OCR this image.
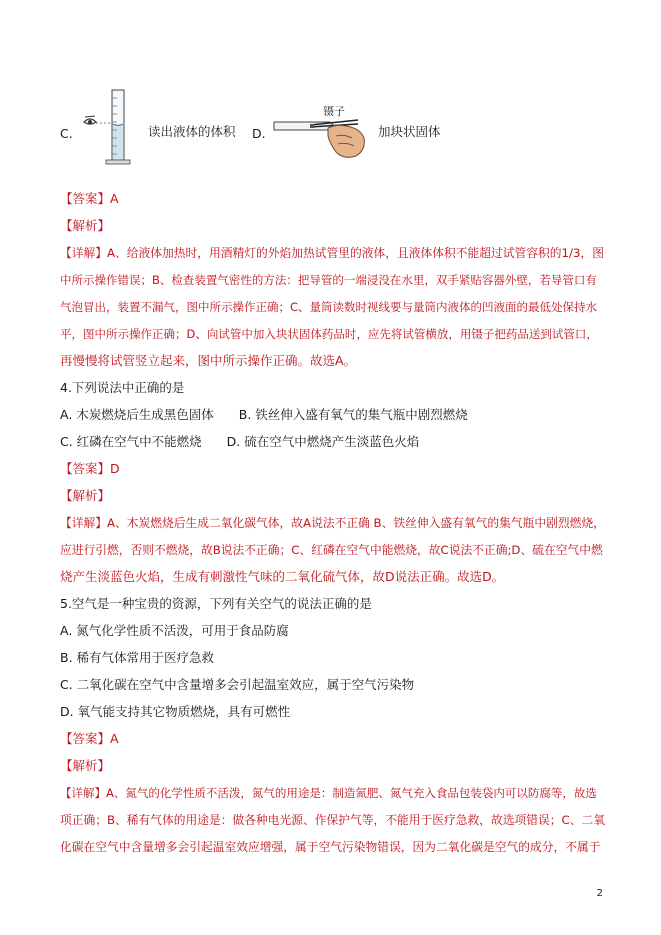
C.	读出液体的体积 D.
镊子
加块状固体
【答案】A
【解析】
【详解】A、给液体加热时，用酒精灯的外焰加热试管里的液体，且液体体积不能超过试管容积的1/3，图
中所示操作错误；B、检查装置气密性的方法：把导管的一端浸没在水里，双手紧贴容器外壁，若导管口有
气泡冒出，装置不漏气，图中所示操作正确；C、量筒读数时视线要与量筒内液体的凹液面的最低处保持水
平，图中所示操作正确；D、向试管中加入块状固体药品时，应先将试管横放，用镊子把药品送到试管口，
再慢慢将试管竖立起来，图中所示操作正确。故选A。
4.下列说法中正确的是
A. 木炭燃烧后生成黑色固体　　B. 铁丝伸入盛有氧气的集气瓶中剧烈燃烧
C. 红磷在空气中不能燃烧　　D. 硫在空气中燃烧产生淡蓝色火焰
【答案】D
【解析】
【详解】A、木炭燃烧后生成二氧化碳气体，故A说法不正确 B、铁丝伸入盛有氧气的集气瓶中剧烈燃烧，
应进行引燃，否则不燃烧，故B说法不正确；C、红磷在空气中能燃烧，故C说法不正确;D、硫在空气中燃
烧产生淡蓝色火焰，生成有刺激性气味的二氧化硫气体，故D说法正确。故选D。
5.空气是一种宝贵的资源，下列有关空气的说法正确的是
A. 氮气化学性质不活泼，可用于食品防腐
B. 稀有气体常用于医疗急救
C. 二氧化碳在空气中含量增多会引起温室效应，属于空气污染物
D. 氧气能支持其它物质燃烧，具有可燃性
【答案】A
【解析】
【详解】A、氮气的化学性质不活泼，氮气的用途是：制造氮肥、氮气充入食品包装袋内可以防腐等，故选
项正确；B、稀有气体的用途是：做各种电光源、作保护气等，不能用于医疗急救，故选项错误；C、二氧
化碳在空气中含量增多会引起温室效应增强，属于空气污染物错误，因为二氧化碳是空气的成分，不属于
2
